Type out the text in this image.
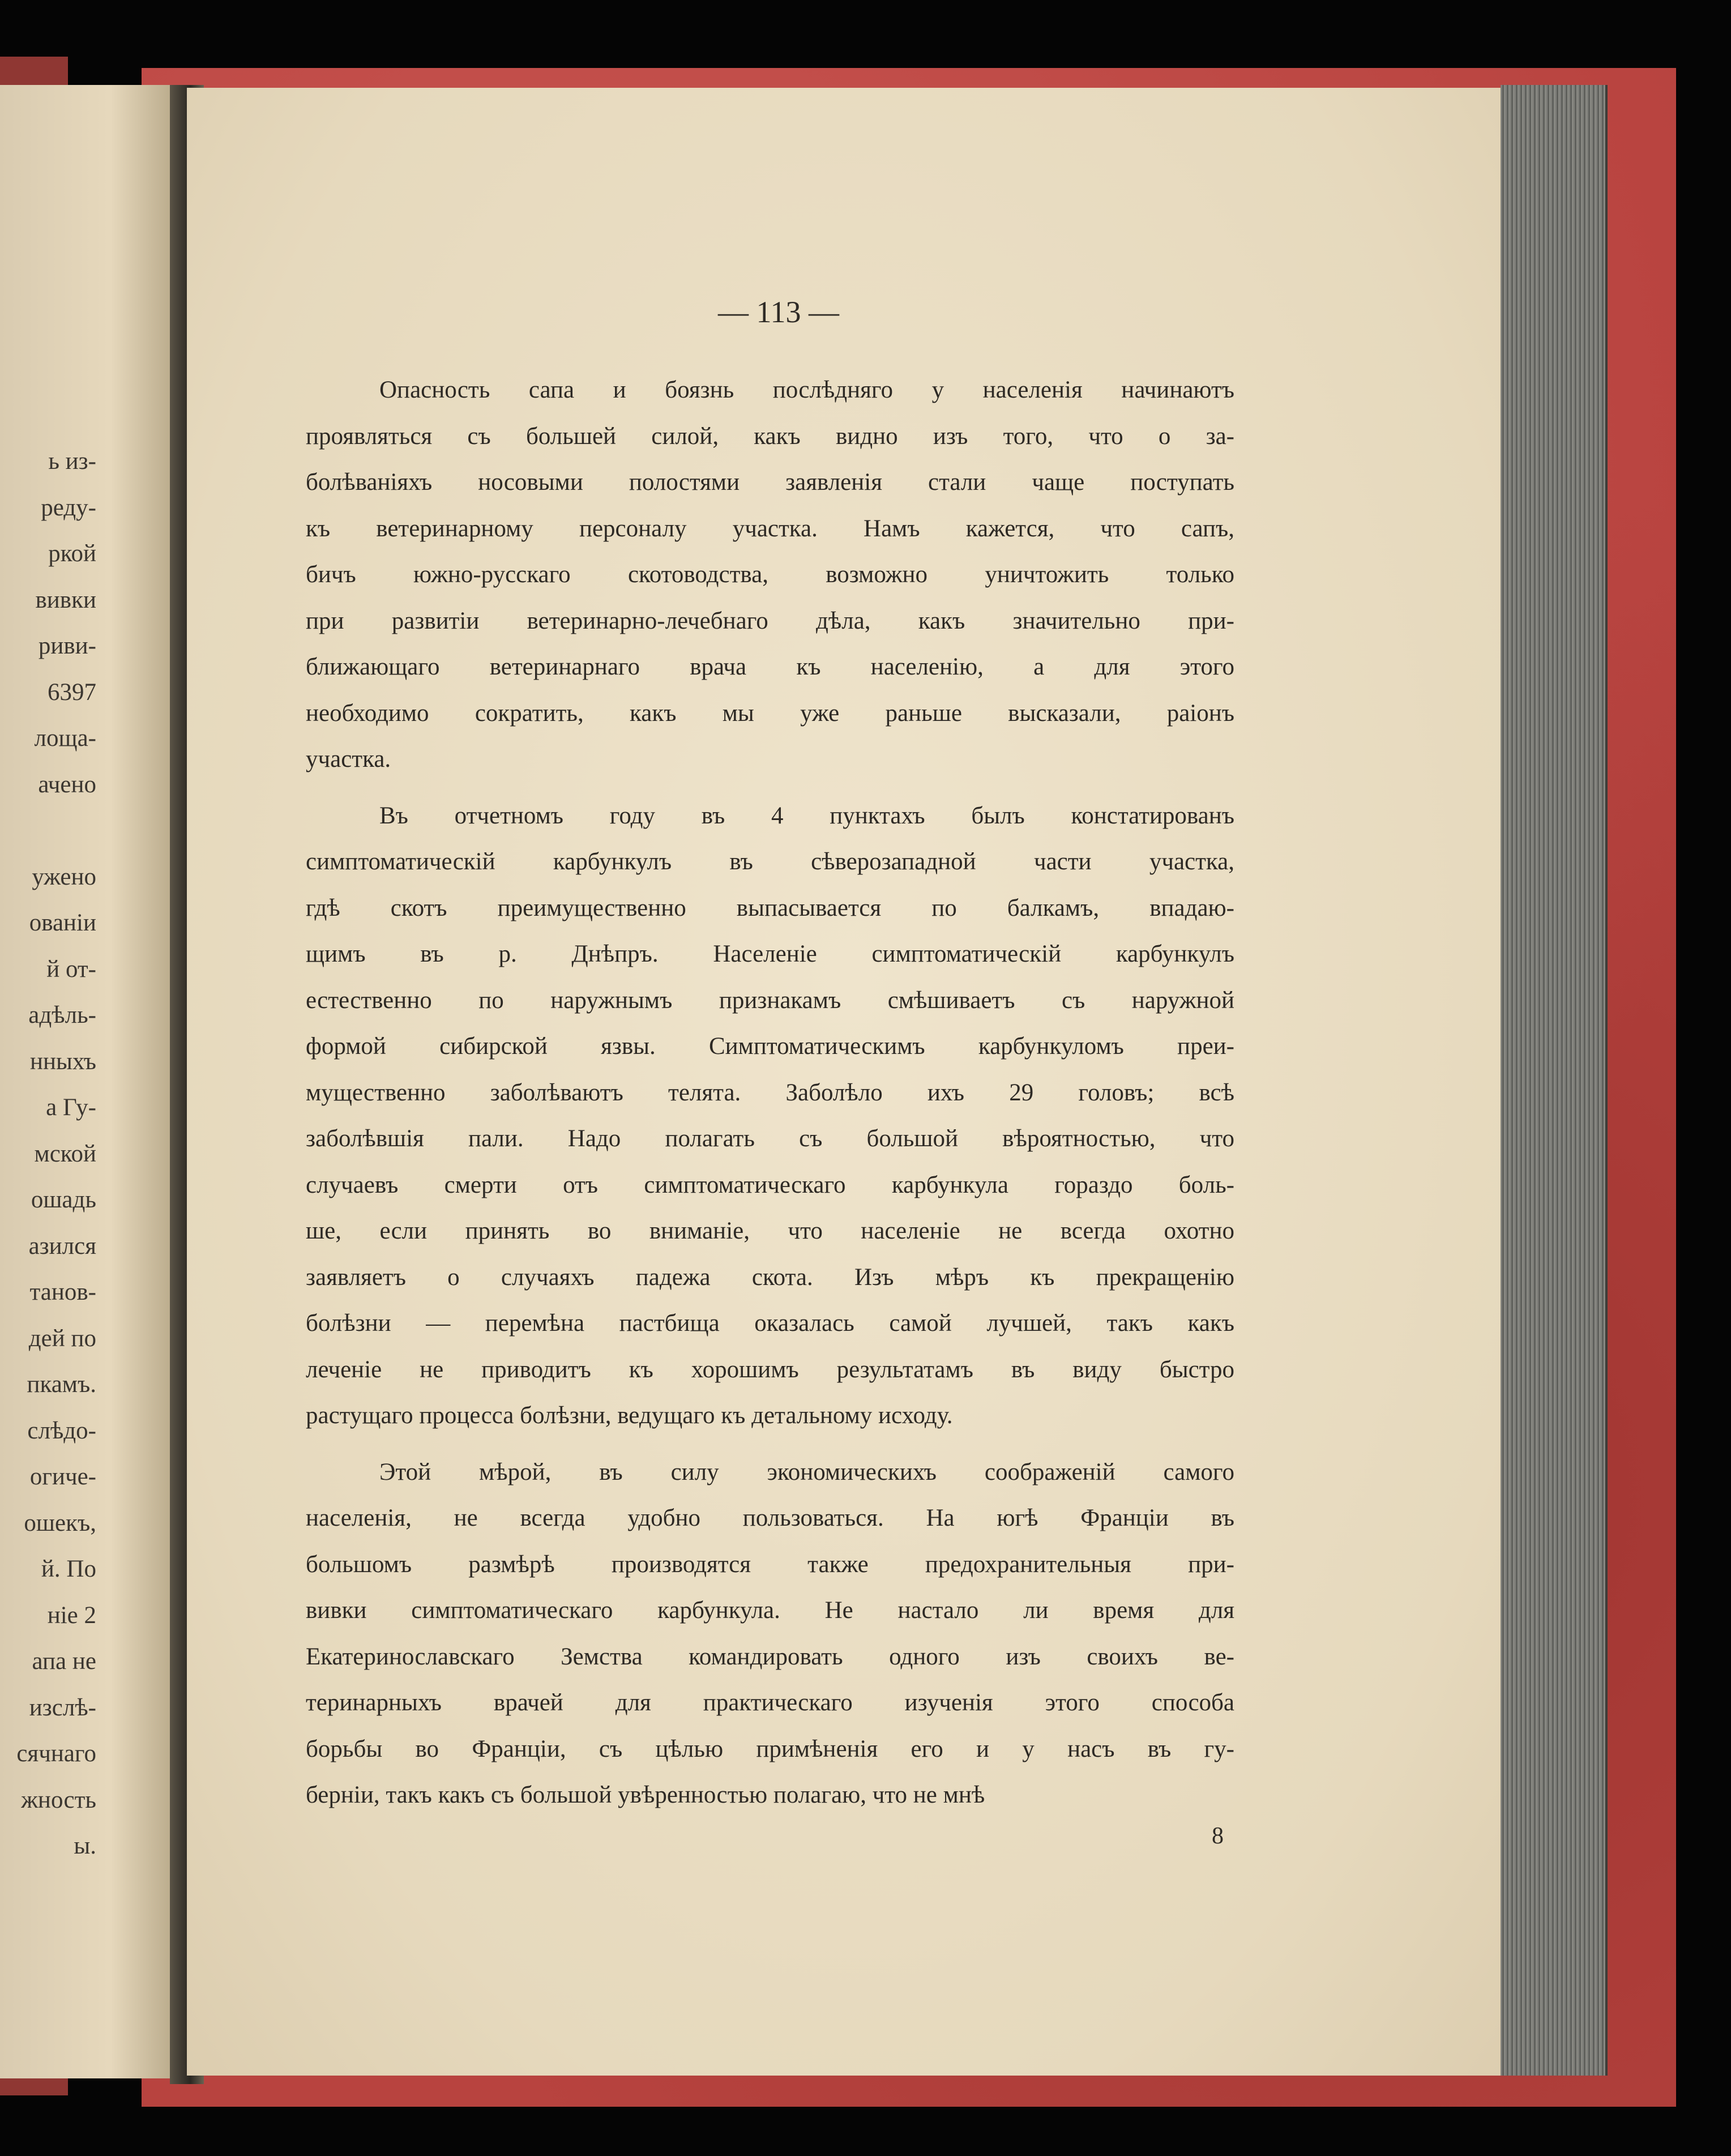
ь из-
реду-
ркой
вивки
риви-
6397
лоща-
ачено
ужено
ованіи
й от-
адѣль-
нныхъ
а Гу-
мской
ошадь
азился
танов-
дей по
пкамъ.
слѣдо-
огиче-
ошекъ,
й. По
ніе 2
апа не
изслѣ-
сячнаго
жность
ы.
— 113 —
Опасность сапа и боязнь послѣдняго у населенія начинаютъ
проявляться съ большей силой, какъ видно изъ того, что о за-
болѣваніяхъ носовыми полостями заявленія стали чаще поступать
къ ветеринарному персоналу участка. Намъ кажется, что сапъ,
бичъ южно-русскаго скотоводства, возможно уничтожить только
при развитіи ветеринарно-лечебнаго дѣла, какъ значительно при-
ближающаго ветеринарнаго врача къ населенію, а для этого
необходимо сократить, какъ мы уже раньше высказали, раіонъ
участка.
Въ отчетномъ году въ 4 пунктахъ былъ констатированъ
симптоматическій карбункулъ въ сѣверозападной части участка,
гдѣ скотъ преимущественно выпасывается по балкамъ, впадаю-
щимъ въ р. Днѣпръ. Населеніе симптоматическій карбункулъ
естественно по наружнымъ признакамъ смѣшиваетъ съ наружной
формой сибирской язвы. Симптоматическимъ карбункуломъ преи-
мущественно заболѣваютъ телята. Заболѣло ихъ 29 головъ; всѣ
заболѣвшія пали. Надо полагать съ большой вѣроятностью, что
случаевъ смерти отъ симптоматическаго карбункула гораздо боль-
ше, если принять во вниманіе, что населеніе не всегда охотно
заявляетъ о случаяхъ падежа скота. Изъ мѣръ къ прекращенію
болѣзни — перемѣна пастбища оказалась самой лучшей, такъ какъ
леченіе не приводитъ къ хорошимъ результатамъ въ виду быстро
растущаго процесса болѣзни, ведущаго къ детальному исходу.
Этой мѣрой, въ силу экономическихъ соображеній самого
населенія, не всегда удобно пользоваться. На югѣ Франціи въ
большомъ размѣрѣ производятся также предохранительныя при-
вивки симптоматическаго карбункула. Не настало ли время для
Екатеринославскаго Земства командировать одного изъ своихъ ве-
теринарныхъ врачей для практическаго изученія этого способа
борьбы во Франціи, съ цѣлью примѣненія его и у насъ въ гу-
берніи, такъ какъ съ большой увѣренностью полагаю, что не мнѣ
8
